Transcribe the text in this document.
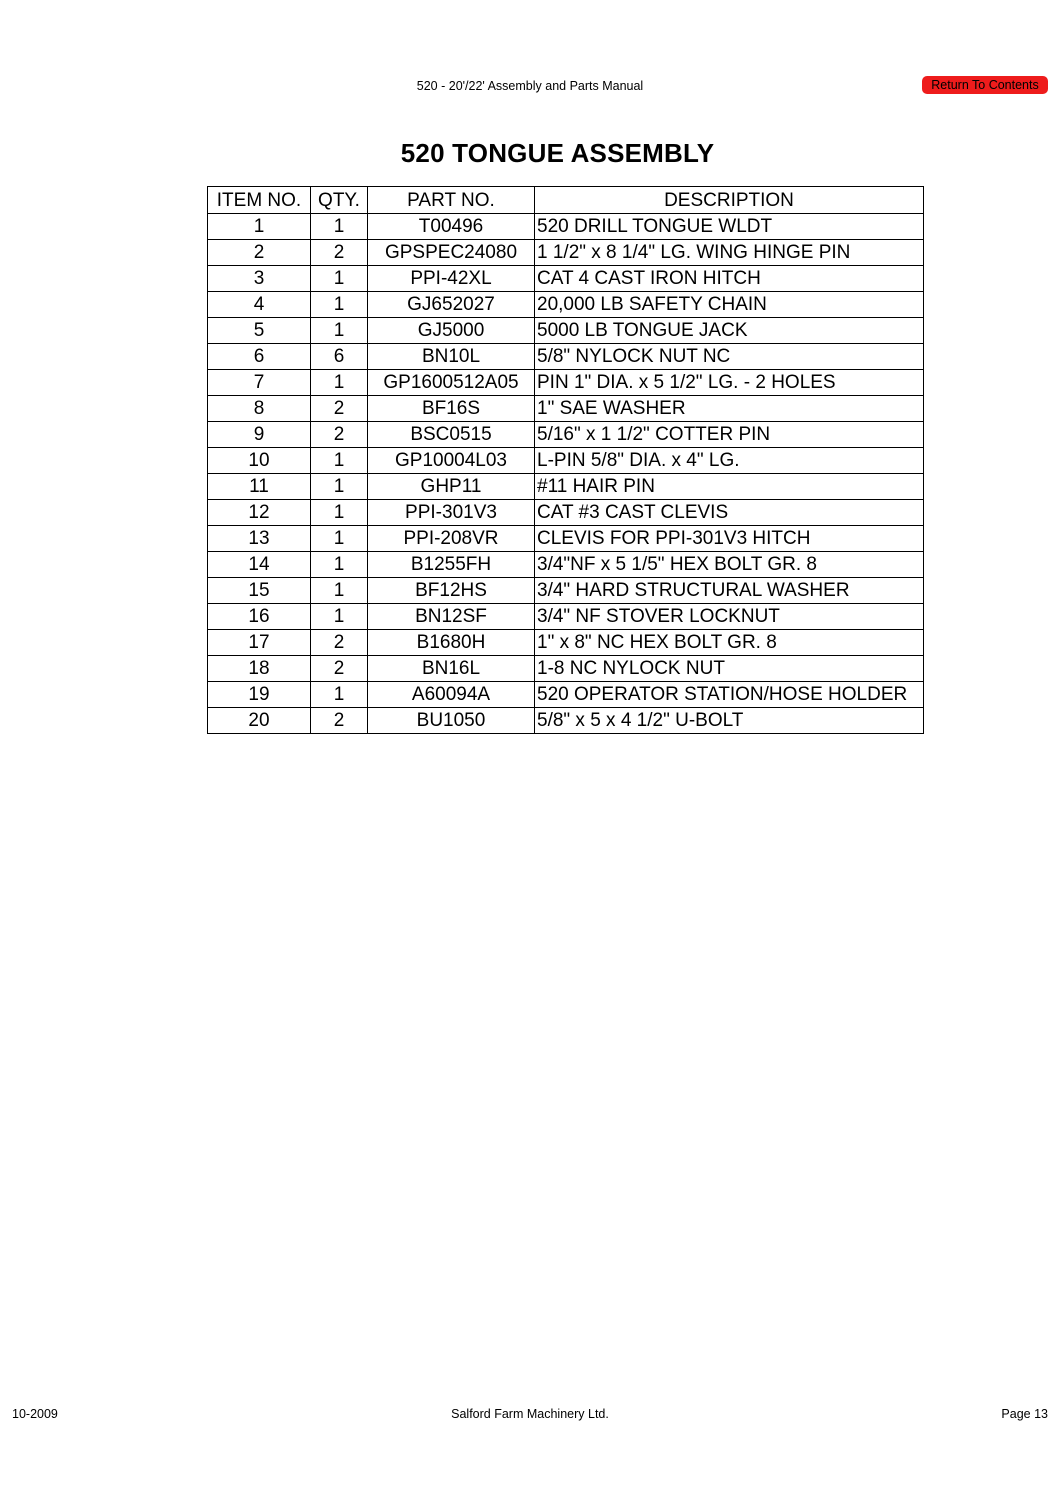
520 - 20'/22' Assembly and Parts Manual	Return To Contents
520 TONGUE ASSEMBLY
ITEM NO.	QTY.	PART NO.	DESCRIPTION
1	1	T00496	520 DRILL TONGUE WLDT
2	2	GPSPEC24080	1 1/2" x 8 1/4" LG. WING HINGE PIN
3	1	PPI-42XL	CAT 4 CAST IRON HITCH
4	1	GJ652027	20,000 LB SAFETY CHAIN
5	1	GJ5000	5000 LB TONGUE JACK
6	6	BN10L	5/8" NYLOCK NUT NC
7	1	GP1600512A05	PIN 1" DIA. x 5 1/2" LG. - 2 HOLES
8	2	BF16S	1" SAE WASHER
9	2	BSC0515	5/16" x 1 1/2" COTTER PIN
10	1	GP10004L03	L-PIN 5/8" DIA. x 4" LG.
11	1	GHP11	#11 HAIR PIN
12	1	PPI-301V3	CAT #3 CAST CLEVIS
13	1	PPI-208VR	CLEVIS FOR PPI-301V3 HITCH
14	1	B1255FH	3/4"NF x 5 1/5" HEX BOLT GR. 8
15	1	BF12HS	3/4" HARD STRUCTURAL WASHER
16	1	BN12SF	3/4" NF STOVER LOCKNUT
17	2	B1680H	1" x 8" NC HEX BOLT GR. 8
18	2	BN16L	1-8 NC NYLOCK NUT
19	1	A60094A	520 OPERATOR STATION/HOSE HOLDER
20	2	BU1050	5/8" x 5 x 4 1/2" U-BOLT
10-2009	Salford Farm Machinery Ltd.	Page 13
